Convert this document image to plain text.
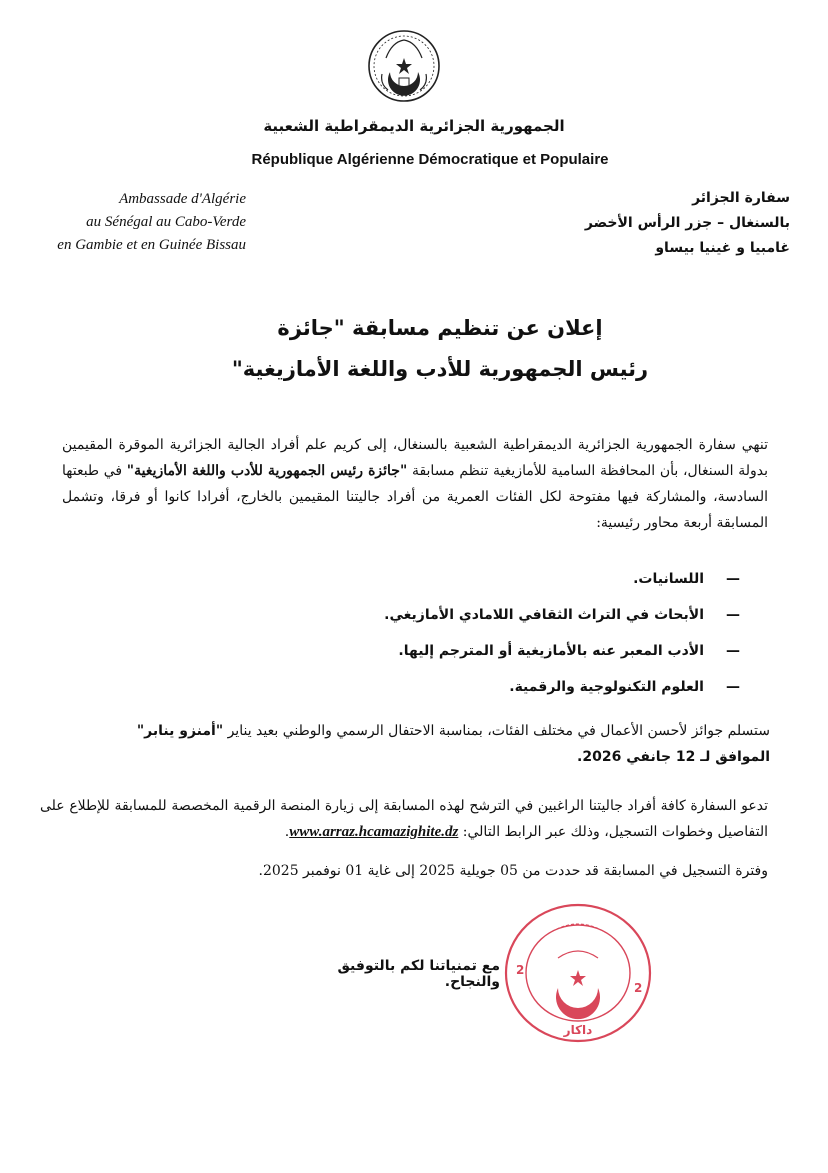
الجمهورية الجزائرية الديمقراطية الشعبية
République Algérienne Démocratique et Populaire
Ambassade d'Algérie
au Sénégal au Cabo-Verde
en Gambie et en Guinée Bissau
سفارة الجزائر
بالسنغال – جزر الرأس الأخضر
غامبيا و غينيا بيساو
إعلان عن تنظيم مسابقة "جائزة
رئيس الجمهورية للأدب واللغة الأمازيغية"
تنهي سفارة الجمهورية الجزائرية الديمقراطية الشعبية بالسنغال، إلى كريم علم أفراد الجالية الجزائرية الموقرة المقيمين بدولة السنغال، بأن المحافظة السامية للأمازيغية تنظم مسابقة "جائزة رئيس الجمهورية للأدب واللغة الأمازيغية" في طبعتها السادسة، والمشاركة فيها مفتوحة لكل الفئات العمرية من أفراد جاليتنا المقيمين بالخارج، أفرادا كانوا أو فرقا، وتشمل المسابقة أربعة محاور رئيسية:
—اللسانيات.
—الأبحاث في التراث الثقافي اللامادي الأمازيغي.
—الأدب المعبر عنه بالأمازيغية أو المترجم إليها.
—العلوم التكنولوجية والرقمية.
ستسلم جوائز لأحسن الأعمال في مختلف الفئات، بمناسبة الاحتفال الرسمي والوطني بعيد يناير "أمنزو ينابر"
الموافق لـ 12 جانفي 2026.
تدعو السفارة كافة أفراد جاليتنا الراغبين في الترشح لهذه المسابقة إلى زيارة المنصة الرقمية المخصصة للمسابقة للإطلاع على التفاصيل وخطوات التسجيل، وذلك عبر الرابط التالي: www.arraz.hcamazighite.dz.
وفترة التسجيل في المسابقة قد حددت من 05 جويلية 2025 إلى غاية 01 نوفمبر 2025.
مع تمنياتنا لكم بالتوفيق والنجاح.
2
2
داكار
